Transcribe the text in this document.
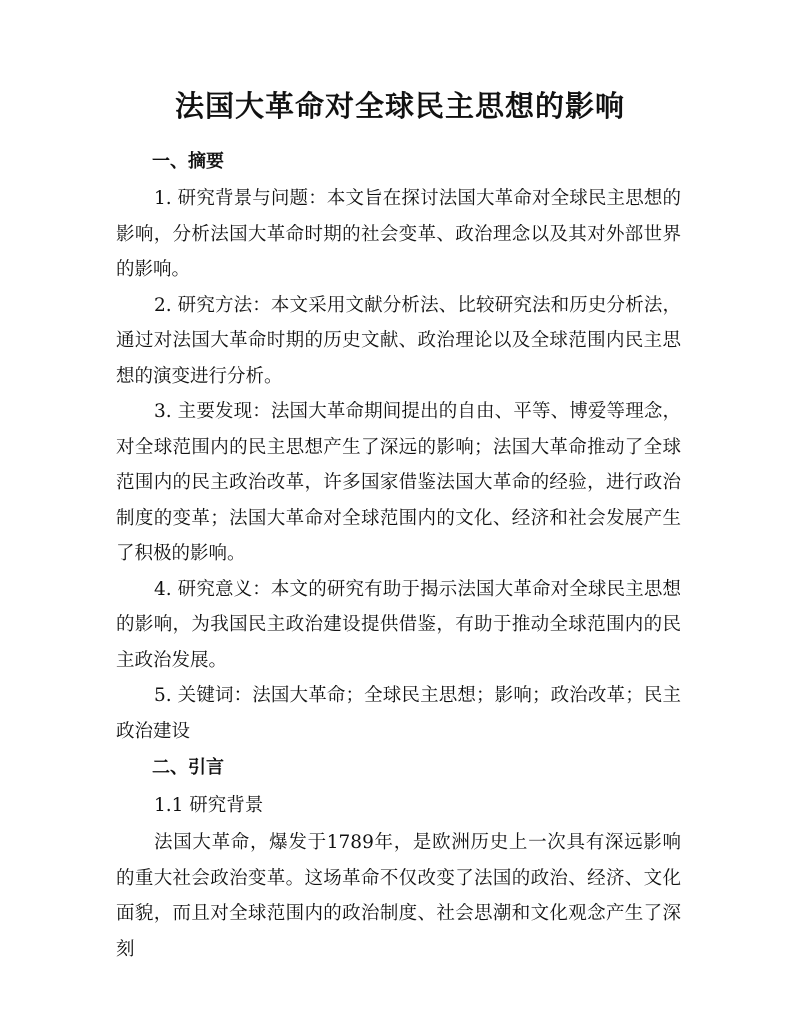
法国大革命对全球民主思想的影响
一、摘要

1. 研究背景与问题：本文旨在探讨法国大革命对全球民主思想的影响，分析法国大革命时期的社会变革、政治理念以及其对外部世界的影响。

2. 研究方法：本文采用文献分析法、比较研究法和历史分析法，通过对法国大革命时期的历史文献、政治理论以及全球范围内民主思想的演变进行分析。

3. 主要发现：法国大革命期间提出的自由、平等、博爱等理念，对全球范围内的民主思想产生了深远的影响；法国大革命推动了全球范围内的民主政治改革，许多国家借鉴法国大革命的经验，进行政治制度的变革；法国大革命对全球范围内的文化、经济和社会发展产生了积极的影响。

4. 研究意义：本文的研究有助于揭示法国大革命对全球民主思想的影响，为我国民主政治建设提供借鉴，有助于推动全球范围内的民主政治发展。

5. 关键词：法国大革命；全球民主思想；影响；政治改革；民主政治建设

二、引言

1.1 研究背景

法国大革命，爆发于1789年，是欧洲历史上一次具有深远影响的重大社会政治变革。这场革命不仅改变了法国的政治、经济、文化面貌，而且对全球范围内的政治制度、社会思潮和文化观念产生了深刻
